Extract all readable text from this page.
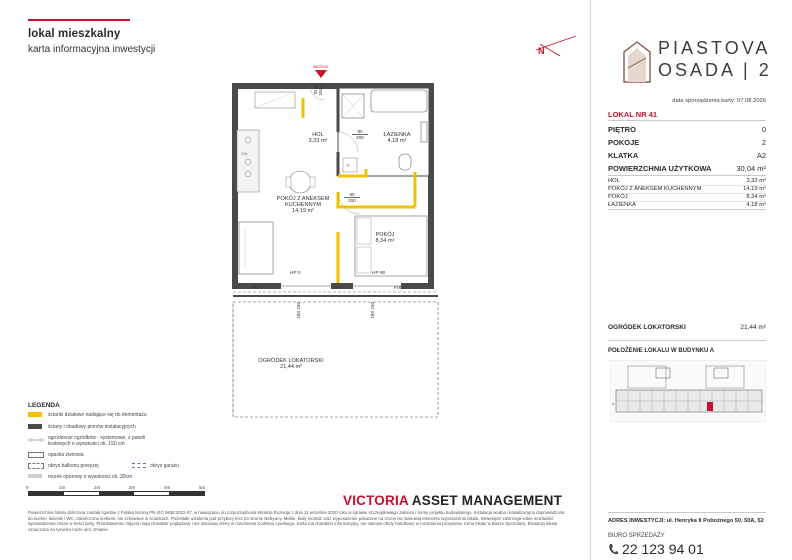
lokal mieszkalny
karta informacyjna inwestycji	N	PIASTOVA
OSADA | 2
data sporządzenia karty: 07.08.2026
LOKAL NR 41
PIĘTRO	0
POKOJE	2
KLATKA	A2
POWIERZCHNIA UŻYTKOWA	30,04 m²
HOL	3,33 m²
POKÓJ Z ANEKSEM KUCHENNYM	14,19 m²
POKÓJ	8,34 m²
ŁAZIENKA	4,18 m²
OGRÓDEK LOKATORSKI	21,44 m²
POŁOŻENIE LOKALU W BUDYNKU A
A
ADRES INWESTYCJI: ul. Henryka II Pobożnego 50, 50A, 52
BIURO SPRZEDAŻY
22 123 94 01
CHŁ
P
WEJŚCIE
HOL
3,33 m²
ŁAZIENKA
4,18 m²
POKÓJ Z ANEKSEM KUCHENNYM
14,19 m²
POKÓJ
8,34 m²
OGRÓDEK LOKATORSKI
21,44 m²
92,8
200,8
80
200
80
200
HP 0	HP 90
FIX	FIX	FIX
180 230
180 230
LEGENDA
ścianki działowe nadające się do demontażu
ściany i obudowy pionów instalacyjnych
ogrodzenie ogródków - systemowe, z paneli kratowych o wysokości ok. 150 cm
opaska żwirowa
obrys balkonu powyżej	obrys garażu
murek oporowy o wysokości ok. 30cm
0	1m	2m	3m	4m	5m
VICTORIA ASSET MANAGEMENT
Powierzchnia lokalu obliczona została zgodnie z Polską Normą PN-ISO 9836:2022-07, w nawiązaniu do rozporządzenia Ministra Rozwoju z dnia 11 września 2020 roku w sprawie szczegółowego zakresu i formy projektu budowlanego. Instalacja wodna i kanalizacyjna doprowadzona do kuchni, łazienki i WC, zakończona korkiem, nie schowane w ściankach. Pozostałe ustalenia pod przybory lecz po stronie Nabywcy. Meble, biały montaż oraz wyposażenie pokazane na rzucie nie stanowią elementu wyposażenia lokalu. Deweloper zastrzega sobie możliwość wprowadzenia zmian w treści karty. Przedstawione zdjęcia mają charakter poglądowy i nie stanowią oferty w rozumieniu Kodeksu cywilnego. Karta ma charakter informacyjny, nie stanowi oferty handlowej w rozumieniu przepisów. Cena lokalu w Biurze Sprzedaży. Elewacja lokalu oznaczona na rysunku może ulec zmianie.
